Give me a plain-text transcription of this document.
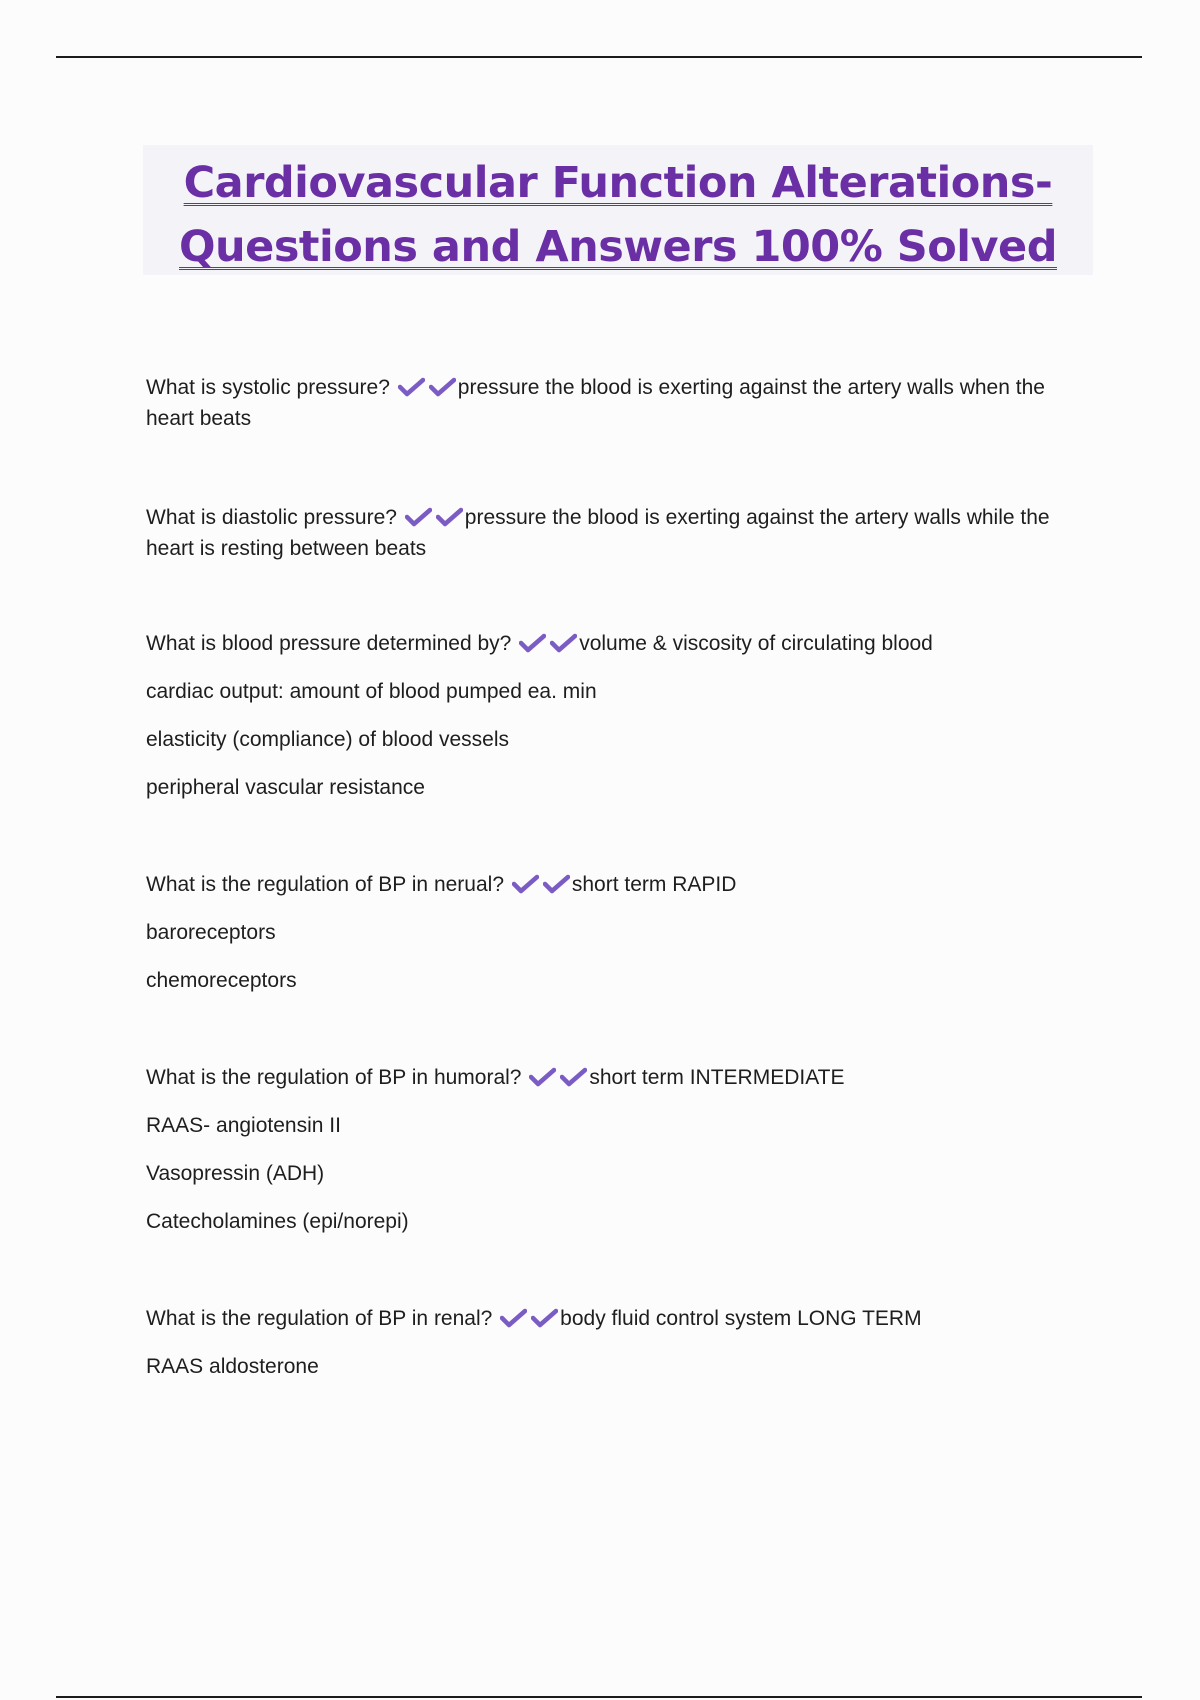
Cardiovascular Function Alterations-
Questions and Answers 100% Solved

What is systolic pressure?	pressure the blood is exerting against the artery walls when the heart beats

What is diastolic pressure?	pressure the blood is exerting against the artery walls while the heart is resting between beats

What is blood pressure determined by?	volume & viscosity of circulating blood

cardiac output: amount of blood pumped ea. min

elasticity (compliance) of blood vessels

peripheral vascular resistance

What is the regulation of BP in nerual?	short term RAPID

baroreceptors

chemoreceptors

What is the regulation of BP in humoral?	short term INTERMEDIATE

RAAS- angiotensin II

Vasopressin (ADH)

Catecholamines (epi/norepi)

What is the regulation of BP in renal?	body fluid control system LONG TERM

RAAS aldosterone
